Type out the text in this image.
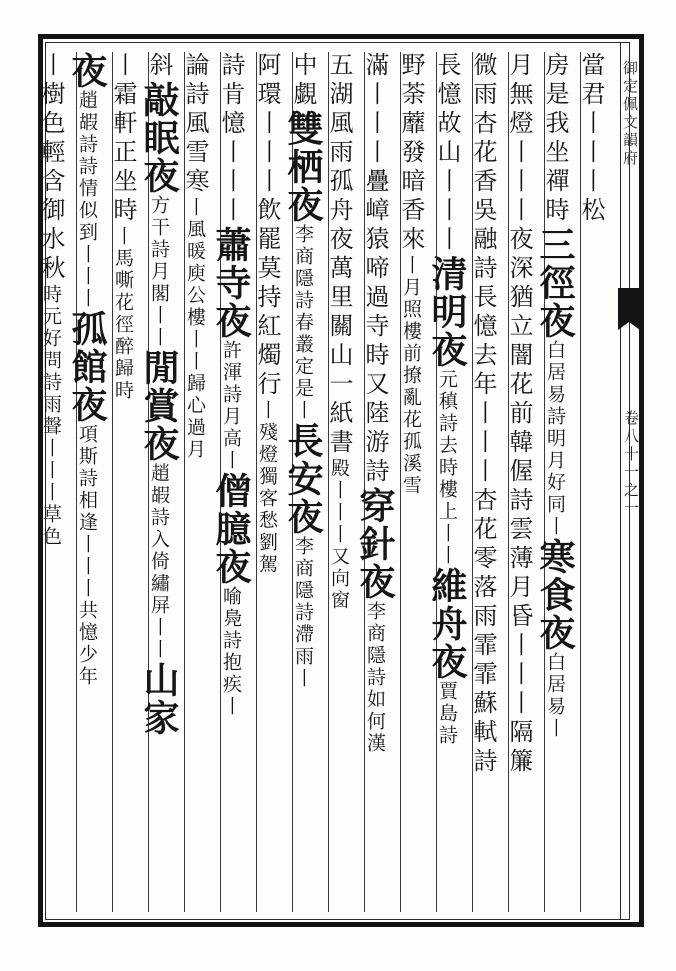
御定佩文韻府
卷八十一之一
當君丨丨丨松
房是我坐禪時三徑夜白居易詩明月好同丨寒食夜白居易丨
月無燈丨丨丨夜深猶立闇花前韓偓詩雲薄月昏丨丨丨隔簾
微雨杏花香吳融詩長憶去年丨丨丨杏花零落雨霏霏蘇軾詩
長憶故山丨丨丨清明夜元稹詩去時樓上丨丨維舟夜賈島詩
野荼蘼發暗香來丨月照樓前撩亂花孤溪雪
滿丨丨丨疊嶂猿啼過寺時又陸游詩穿針夜李商隱詩如何漢
五湖風雨孤舟夜萬里關山一紙書殿丨丨丨又向窗
中覷雙栖夜李商隱詩春叢定是丨長安夜李商隱詩滯雨丨
阿環丨丨丨飲罷莫持紅燭行丨殘燈獨客愁劉駕
詩肯憶丨丨丨蕭寺夜許渾詩月高丨僧臆夜喻鳧詩抱疾丨
論詩風雪寒丨風暖庾公樓丨丨歸心過月
斜敲眠夜方干詩月閣丨丨閒賞夜趙嘏詩入倚繡屏丨丨山家
丨霜軒正坐時丨馬嘶花徑醉歸時
夜趙嘏詩詩情似到丨丨丨孤館夜項斯詩相逢丨丨丨共憶少年
丨樹色輕含御水秋時元好問詩雨聲丨丨丨草色
